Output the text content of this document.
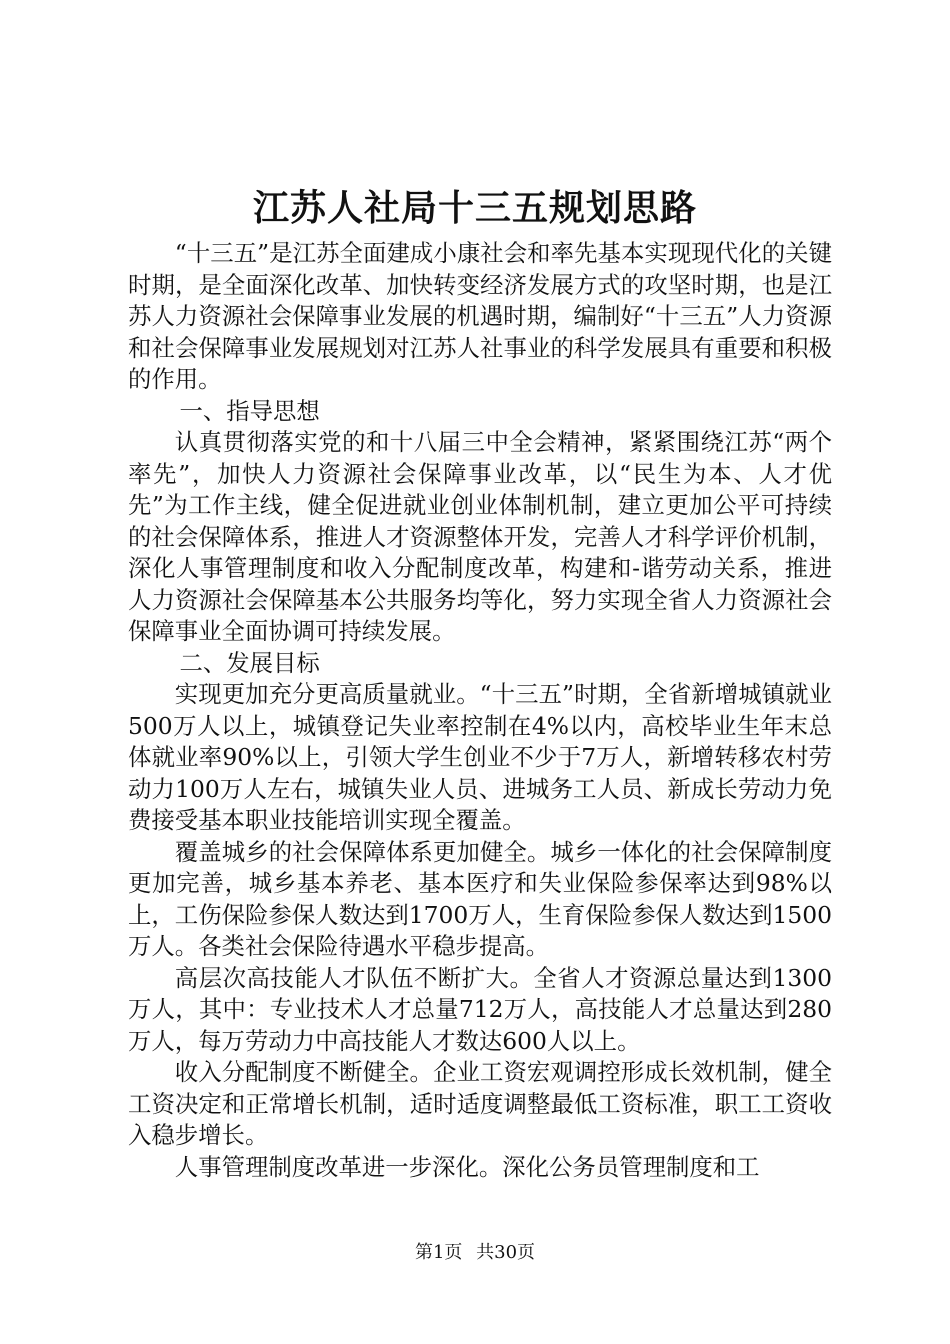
江苏人社局十三五规划思路

“十三五”是江苏全面建成小康社会和率先基本实现现代化的关键时期，是全面深化改革、加快转变经济发展方式的攻坚时期，也是江苏人力资源社会保障事业发展的机遇时期，编制好“十三五”人力资源和社会保障事业发展规划对江苏人社事业的科学发展具有重要和积极的作用。

一、指导思想

认真贯彻落实党的和十八届三中全会精神，紧紧围绕江苏“两个率先”，加快人力资源社会保障事业改革，以“民生为本、人才优先”为工作主线，健全促进就业创业体制机制，建立更加公平可持续的社会保障体系，推进人才资源整体开发，完善人才科学评价机制，深化人事管理制度和收入分配制度改革，构建和-谐劳动关系，推进人力资源社会保障基本公共服务均等化，努力实现全省人力资源社会保障事业全面协调可持续发展。

二、发展目标

实现更加充分更高质量就业。“十三五”时期，全省新增城镇就业500万人以上，城镇登记失业率控制在4%以内，高校毕业生年末总体就业率90%以上，引领大学生创业不少于7万人，新增转移农村劳动力100万人左右，城镇失业人员、进城务工人员、新成长劳动力免费接受基本职业技能培训实现全覆盖。

覆盖城乡的社会保障体系更加健全。城乡一体化的社会保障制度更加完善，城乡基本养老、基本医疗和失业保险参保率达到98%以上，工伤保险参保人数达到1700万人，生育保险参保人数达到1500万人。各类社会保险待遇水平稳步提高。

高层次高技能人才队伍不断扩大。全省人才资源总量达到1300万人，其中：专业技术人才总量712万人，高技能人才总量达到280万人，每万劳动力中高技能人才数达600人以上。

收入分配制度不断健全。企业工资宏观调控形成长效机制，健全工资决定和正常增长机制，适时适度调整最低工资标准，职工工资收入稳步增长。

人事管理制度改革进一步深化。深化公务员管理制度和工

第1页 共30页
